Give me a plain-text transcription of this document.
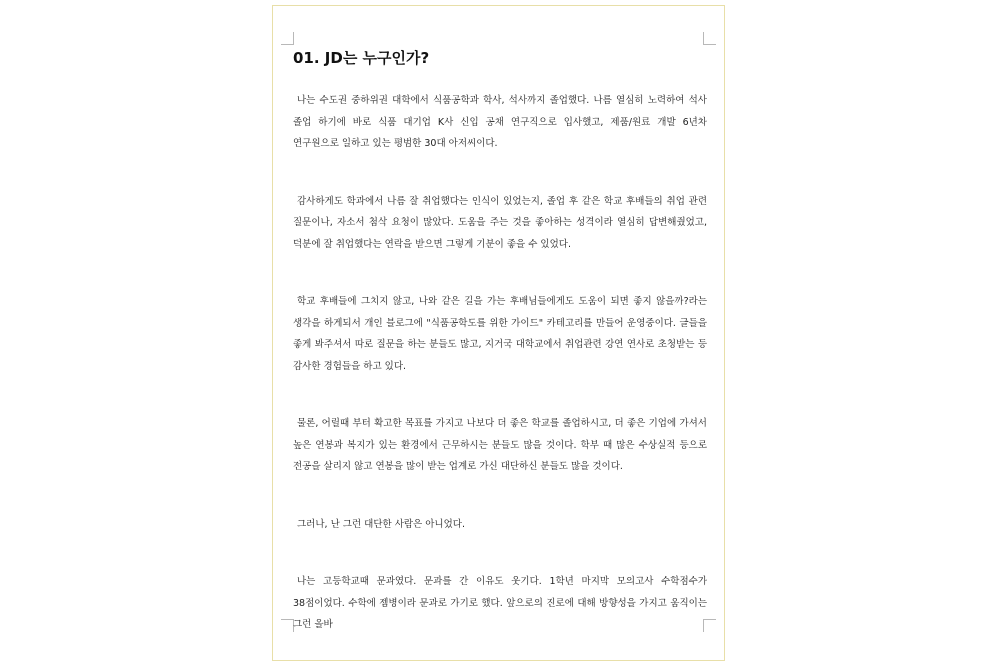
01. JD는 누구인가?

나는 수도권 중하위권 대학에서 식품공학과 학사, 석사까지 졸업했다. 나름 열심히 노력하여 석사 졸업 하기에 바로 식품 대기업 K사 신입 공채 연구직으로 입사했고, 제품/원료 개발 6년차 연구원으로 일하고 있는 평범한 30대 아저씨이다.

감사하게도 학과에서 나름 잘 취업했다는 인식이 있었는지, 졸업 후 같은 학교 후배들의 취업 관련 질문이나, 자소서 첨삭 요청이 많았다. 도움을 주는 것을 좋아하는 성격이라 열심히 답변해줬었고, 덕분에 잘 취업했다는 연락을 받으면 그렇게 기분이 좋을 수 있었다.

학교 후배들에 그치지 않고, 나와 같은 길을 가는 후배님들에게도 도움이 되면 좋지 않을까?라는 생각을 하게되서 개인 블로그에 "식품공학도를 위한 가이드" 카테고리를 만들어 운영중이다. 글들을 좋게 봐주셔서 따로 질문을 하는 분들도 많고, 지거국 대학교에서 취업관련 강연 연사로 초청받는 등 감사한 경험들을 하고 있다.

물론, 어릴때 부터 확고한 목표를 가지고 나보다 더 좋은 학교를 졸업하시고, 더 좋은 기업에 가셔서 높은 연봉과 복지가 있는 환경에서 근무하시는 분들도 많을 것이다. 학부 때 많은 수상실적 등으로 전공을 살리지 않고 연봉을 많이 받는 업계로 가신 대단하신 분들도 많을 것이다.

그러나, 난 그런 대단한 사람은 아니었다.

나는 고등학교때 문과였다. 문과를 간 이유도 웃기다. 1학년 마지막 모의고사 수학점수가 38점이었다. 수학에 젬병이라 문과로 가기로 했다. 앞으로의 진로에 대해 방향성을 가지고 움직이는 그런 올바
